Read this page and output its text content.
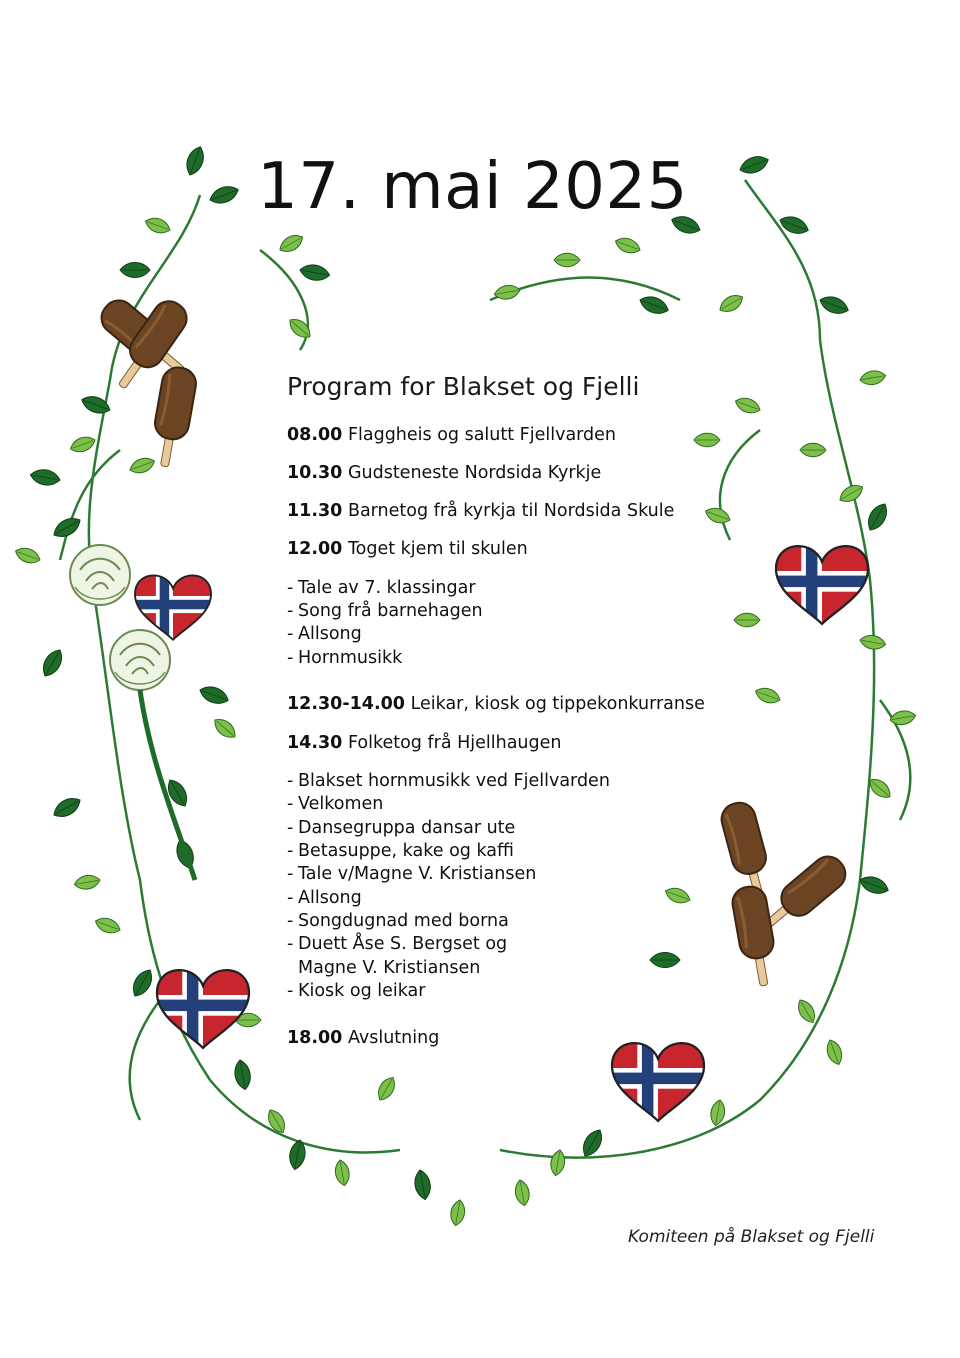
17. mai 2025
Program for Blakset og Fjelli
08.00 Flaggheis og salutt Fjellvarden
10.30 Gudsteneste Nordsida Kyrkje
11.30 Barnetog frå kyrkja til Nordsida Skule
12.00 Toget kjem til skulen
- Tale av 7. klassingar
- Song frå barnehagen
- Allsong
- Hornmusikk
12.30-14.00 Leikar, kiosk og tippekonkurranse
14.30 Folketog frå Hjellhaugen
- Blakset hornmusikk ved Fjellvarden
- Velkomen
- Dansegruppa dansar ute
- Betasuppe, kake og kaffi
- Tale v/Magne V. Kristiansen
- Allsong
- Songdugnad med borna
- Duett Åse S. Bergset og
Magne V. Kristiansen
- Kiosk og leikar
18.00 Avslutning
Komiteen på Blakset og Fjelli
